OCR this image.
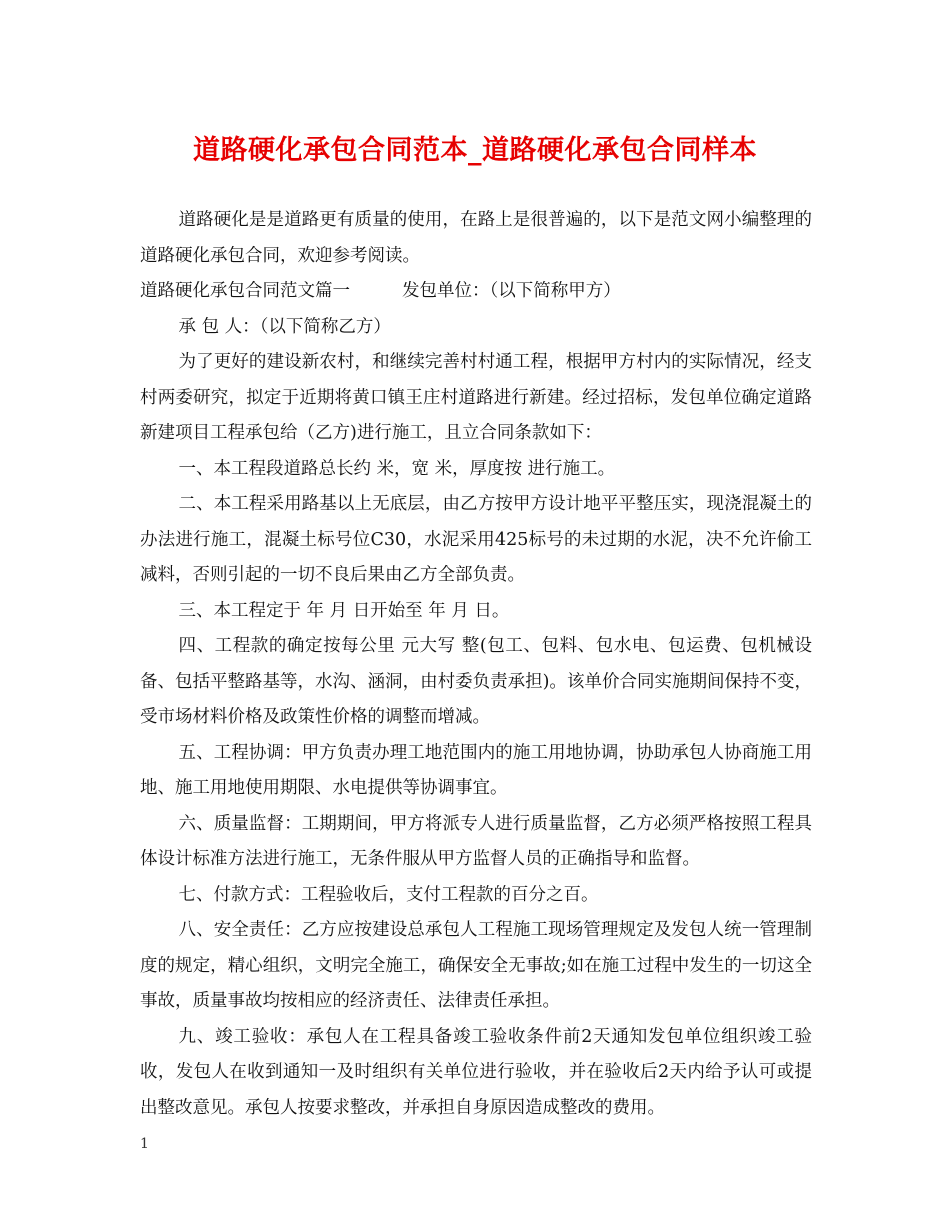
道路硬化承包合同范本_道路硬化承包合同样本

道路硬化是是道路更有质量的使用，在路上是很普遍的，以下是范文网小编整理的道路硬化承包合同，欢迎参考阅读。

道路硬化承包合同范文篇一	发包单位：（以下简称甲方）

承 包 人：（以下简称乙方）

为了更好的建设新农村，和继续完善村村通工程，根据甲方村内的实际情况，经支村两委研究，拟定于近期将黄口镇王庄村道路进行新建。经过招标，发包单位确定道路新建项目工程承包给（乙方)进行施工，且立合同条款如下：

一、本工程段道路总长约 米，宽 米，厚度按 进行施工。

二、本工程采用路基以上无底层，由乙方按甲方设计地平平整压实，现浇混凝土的办法进行施工，混凝土标号位C30，水泥采用425标号的未过期的水泥，决不允许偷工减料，否则引起的一切不良后果由乙方全部负责。

三、本工程定于 年 月 日开始至 年 月 日。

四、工程款的确定按每公里 元大写 整(包工、包料、包水电、包运费、包机械设备、包括平整路基等，水沟、涵洞，由村委负责承担)。该单价合同实施期间保持不变，受市场材料价格及政策性价格的调整而增减。

五、工程协调：甲方负责办理工地范围内的施工用地协调，协助承包人协商施工用地、施工用地使用期限、水电提供等协调事宜。

六、质量监督：工期期间，甲方将派专人进行质量监督，乙方必须严格按照工程具体设计标准方法进行施工，无条件服从甲方监督人员的正确指导和监督。

七、付款方式：工程验收后，支付工程款的百分之百。

八、安全责任：乙方应按建设总承包人工程施工现场管理规定及发包人统一管理制度的规定，精心组织，文明完全施工，确保安全无事故;如在施工过程中发生的一切这全事故，质量事故均按相应的经济责任、法律责任承担。

九、竣工验收：承包人在工程具备竣工验收条件前2天通知发包单位组织竣工验收，发包人在收到通知一及时组织有关单位进行验收，并在验收后2天内给予认可或提出整改意见。承包人按要求整改，并承担自身原因造成整改的费用。

1
